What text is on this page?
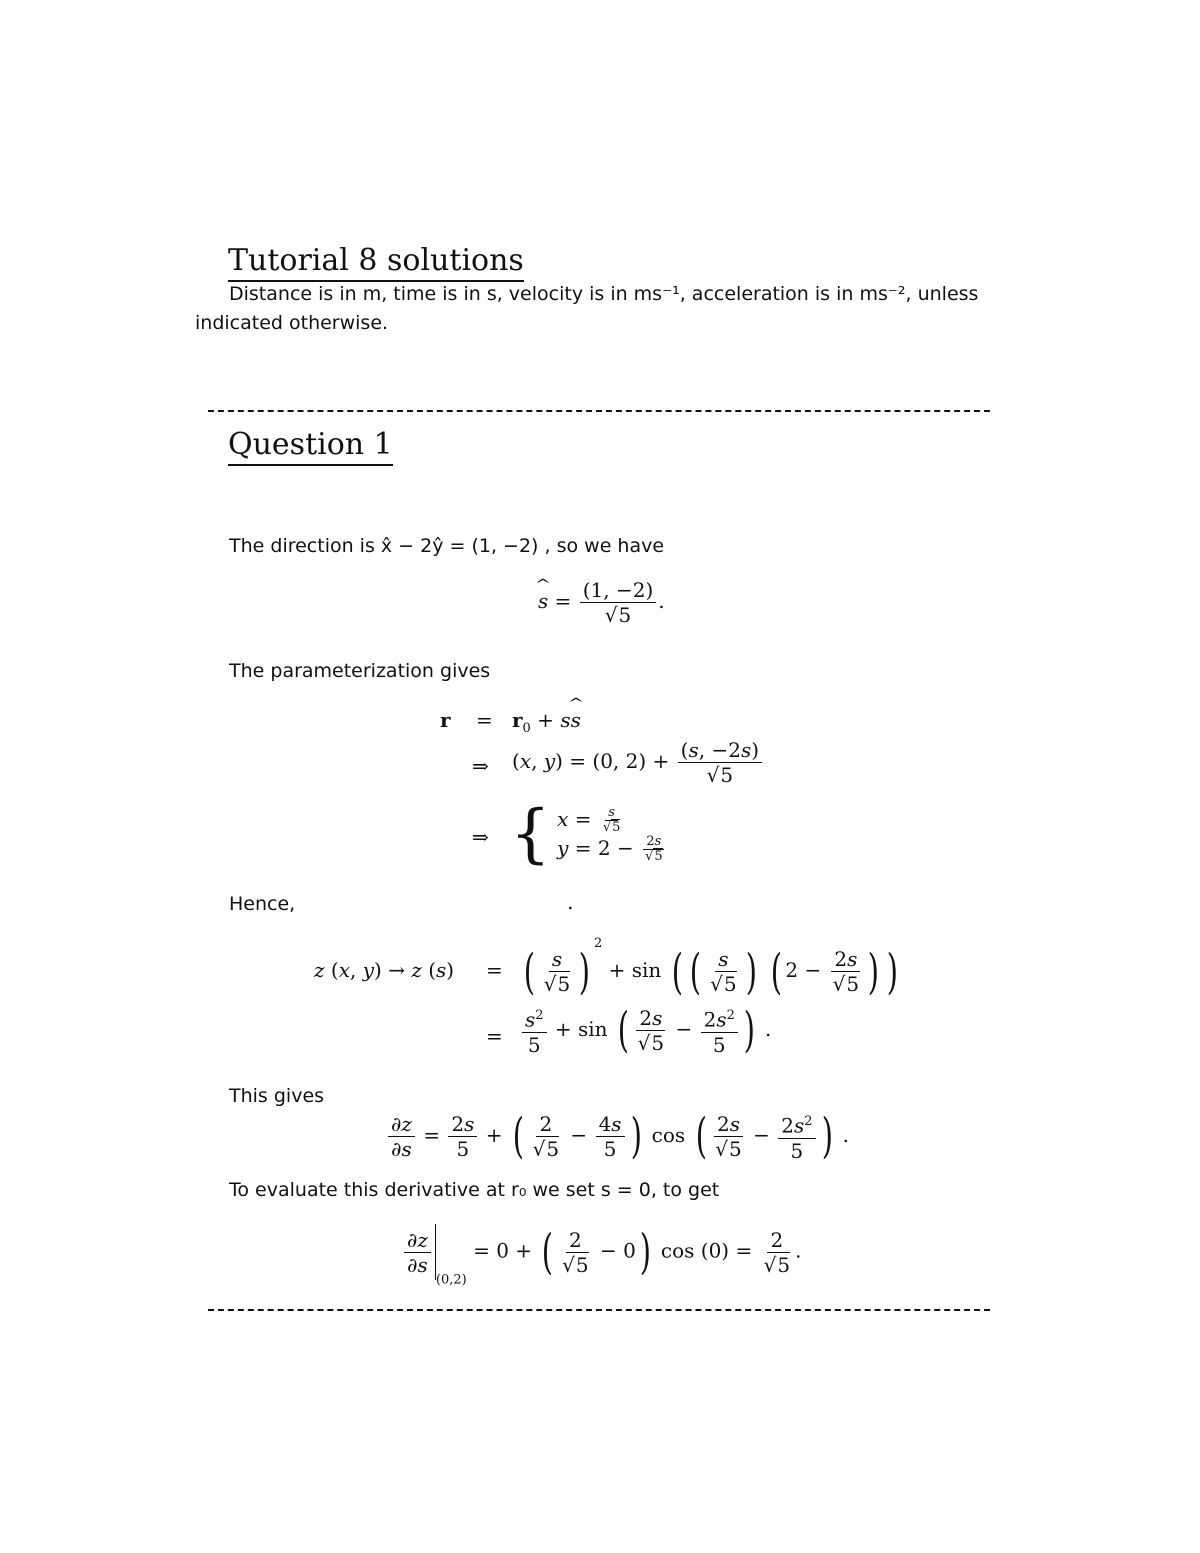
Tutorial 8 solutions
Distance is in m, time is in s, velocity is in ms⁻¹, acceleration is in ms⁻², unless
indicated otherwise.
Question 1
The direction is x̂ − 2ŷ = (1, −2) , so we have
^ $s = \frac{(1, -2)}{√5}$ .
The parameterization gives
$r = r_0$ + s^ s
⇒ (x, y) = (0, $2) + \frac{(s, -2s)}{√5}$
⇒ { $x = \frac{s}{√5}$
$y = 2 - \frac{2s}{√5}$
.
Hence,
z (x, y) → z (s) = ( $\frac{s}{√5}$ ) $^2$ + sin ( ( $\frac{s}{√5}$ ) ( $2 - \frac{2s}{√5}$ ) )
= $\frac{s^2}{5} + \sin$ ( $\frac{2s}{√5} - \frac{2s^2}{5}$ ) .
This gives
$\frac{\partial z}{\partial s} = \frac{2s}{5}$ + ( $\frac{2}{√5} - \frac{4s}{5}$ ) cos ( $\frac{2s}{√5} - \frac{2s^2}{5}$ ) .
To evaluate this derivative at r₀ we set s = 0, to get
$\frac{\partial z}{\partial s}$
$_{(0,2)}$ = 0 + ( $\frac{2}{√5} - 0$) $\cos (0) = \frac{2}{√5}$ .
